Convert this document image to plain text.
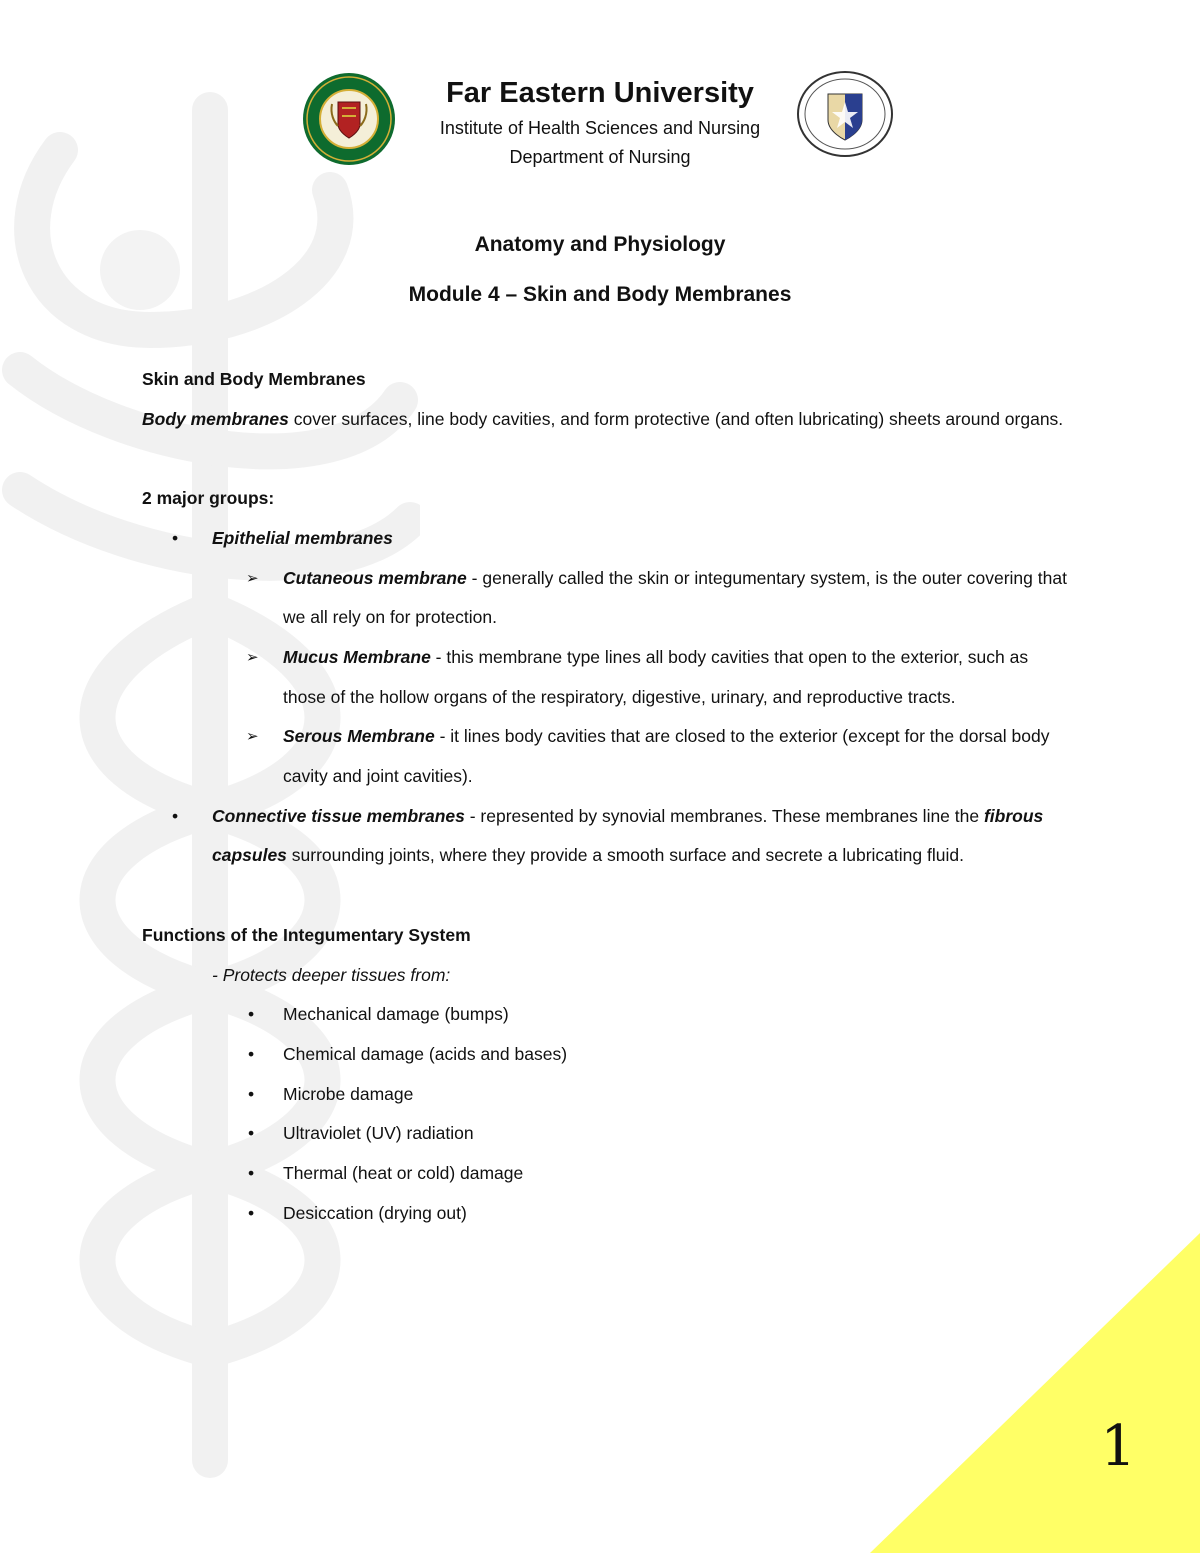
1
Far Eastern University
Institute of Health Sciences and Nursing
Department of Nursing
Anatomy and Physiology
Module 4 – Skin and Body Membranes

Skin and Body Membranes

Body membranes cover surfaces, line body cavities, and form protective (and often lubricating) sheets around organs.

2 major groups:

• Epithelial membranes
➢ Cutaneous membrane - generally called the skin or integumentary system, is the outer covering that we all rely on for protection.
➢ Mucus Membrane - this membrane type lines all body cavities that open to the exterior, such as those of the hollow organs of the respiratory, digestive, urinary, and reproductive tracts.
➢ Serous Membrane - it lines body cavities that are closed to the exterior (except for the dorsal body cavity and joint cavities).
• Connective tissue membranes - represented by synovial membranes. These membranes line the fibrous capsules surrounding joints, where they provide a smooth surface and secrete a lubricating fluid.

Functions of the Integumentary System

- Protects deeper tissues from:

• Mechanical damage (bumps)
• Chemical damage (acids and bases)
• Microbe damage
• Ultraviolet (UV) radiation
• Thermal (heat or cold) damage
• Desiccation (drying out)
